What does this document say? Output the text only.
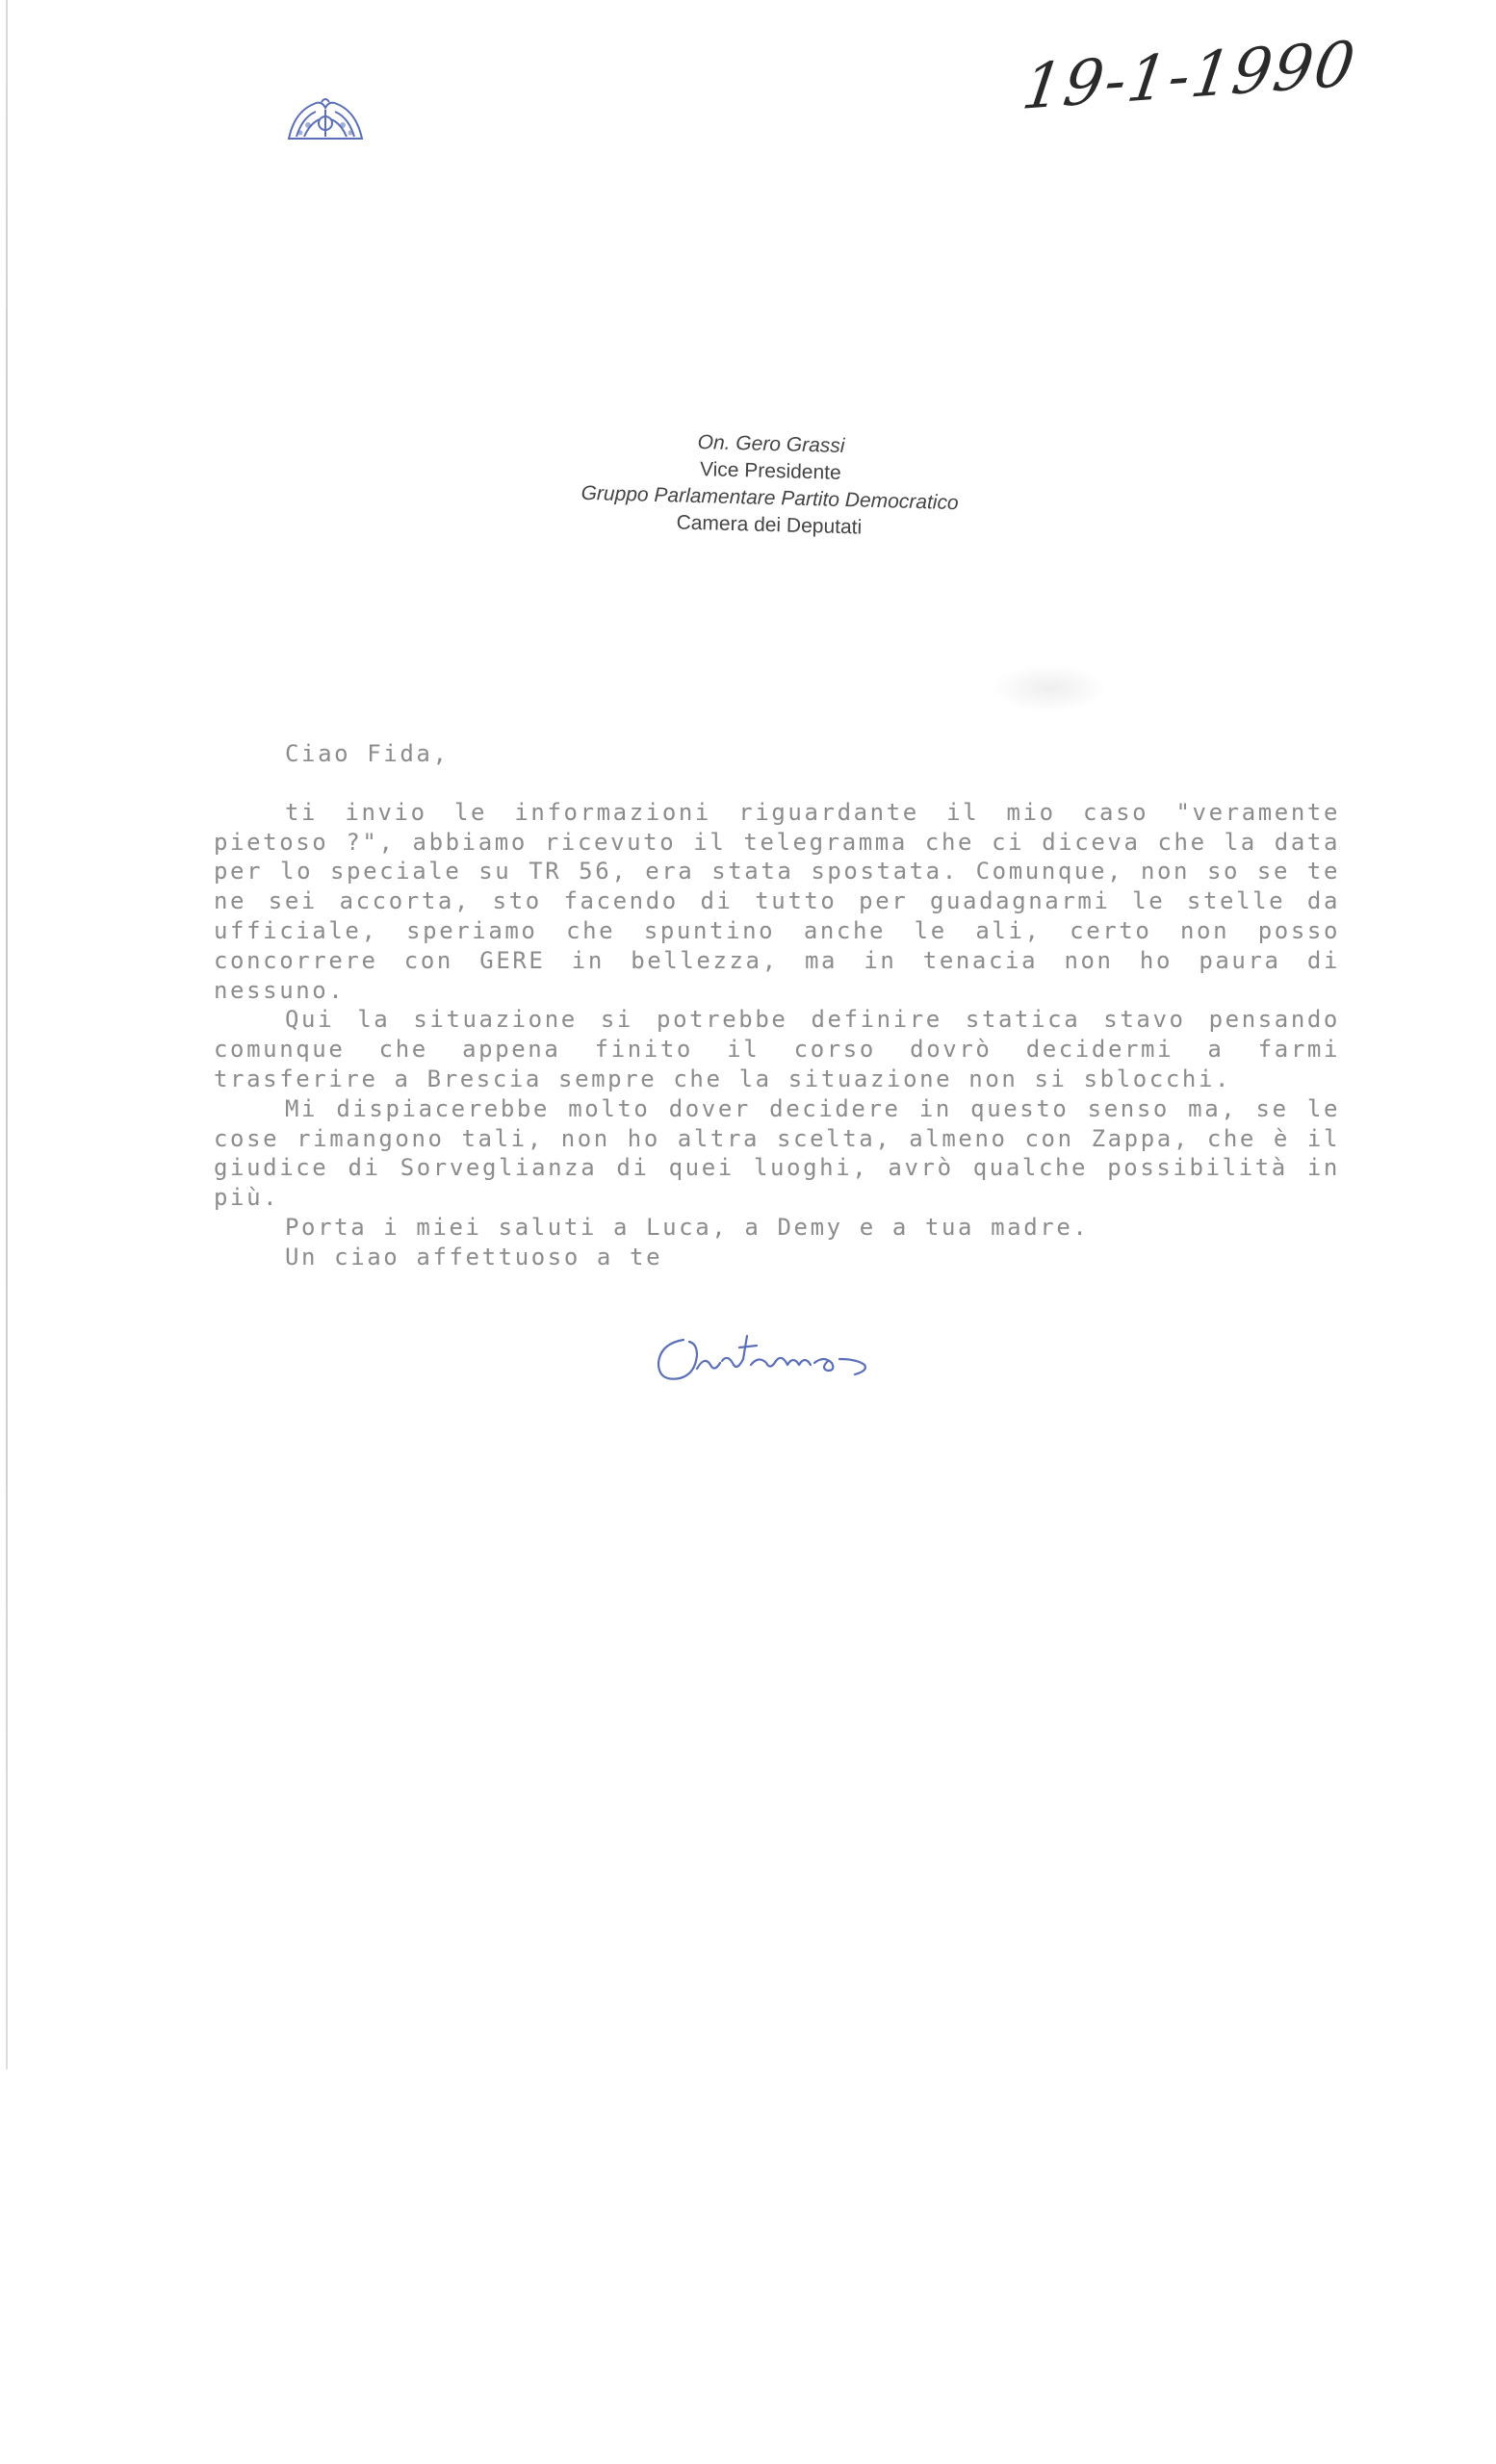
19-1-1990
On. Gero Grassi
Vice Presidente
Gruppo Parlamentare Partito Democratico
Camera dei Deputati
Ciao Fida,

ti invio le informazioni riguardante il mio caso "veramente pietoso ?", abbiamo ricevuto il telegramma che ci diceva che la data per lo speciale su TR 56, era stata spostata. Comunque, non so se te ne sei accorta, sto facendo di tutto per guadagnarmi le stelle da ufficiale, speriamo che spuntino anche le ali, certo non posso concorrere con GERE in bellezza, ma in tenacia non ho paura di nessuno.

Qui la situazione si potrebbe definire statica stavo pensando comunque che appena finito il corso dovrò decidermi a farmi trasferire a Brescia sempre che la situazione non si sblocchi.

Mi dispiacerebbe molto dover decidere in questo senso ma, se le cose rimangono tali, non ho altra scelta, almeno con Zappa, che è il giudice di Sorveglianza di quei luoghi, avrò qualche possibilità in più.

Porta i miei saluti a Luca, a Demy e a tua madre.

Un ciao affettuoso a te
